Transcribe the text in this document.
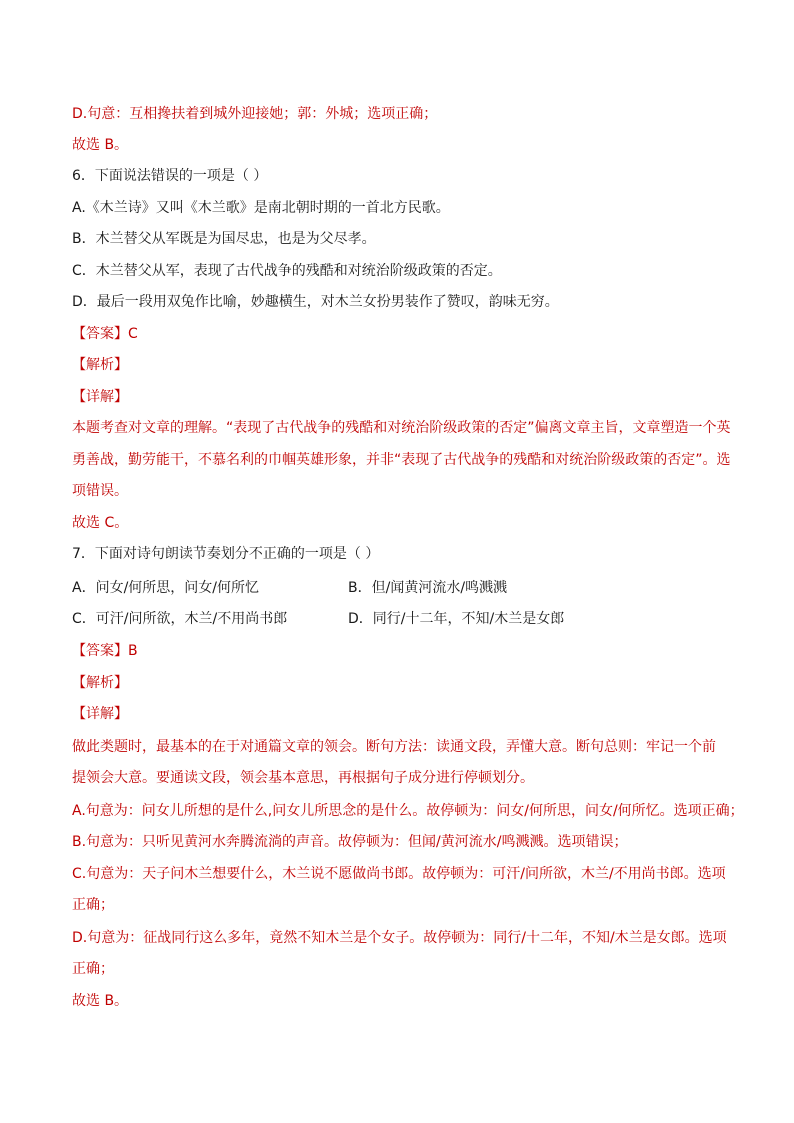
D.句意：互相搀扶着到城外迎接她；郭：外城；选项正确；
故选 B。
6．下面说法错误的一项是（ ）
A.《木兰诗》又叫《木兰歌》是南北朝时期的一首北方民歌。
B．木兰替父从军既是为国尽忠，也是为父尽孝。
C．木兰替父从军，表现了古代战争的残酷和对统治阶级政策的否定。
D．最后一段用双兔作比喻，妙趣横生，对木兰女扮男装作了赞叹，韵味无穷。
【答案】C
【解析】
【详解】
本题考查对文章的理解。“表现了古代战争的残酷和对统治阶级政策的否定”偏离文章主旨，文章塑造一个英
勇善战，勤劳能干，不慕名利的巾帼英雄形象，并非“表现了古代战争的残酷和对统治阶级政策的否定”。选
项错误。
故选 C。
7．下面对诗句朗读节奏划分不正确的一项是（ ）
A．问女/何所思，问女/何所忆	B．但/闻黄河流水/鸣溅溅
C．可汗/问所欲，木兰/不用尚书郎	D．同行/十二年，不知/木兰是女郎
【答案】B
【解析】
【详解】
做此类题时，最基本的在于对通篇文章的领会。断句方法：读通文段，弄懂大意。断句总则：牢记一个前
提领会大意。要通读文段，领会基本意思，再根据句子成分进行停顿划分。
A.句意为：问女儿所想的是什么,问女儿所思念的是什么。故停顿为：问女/何所思，问女/何所忆。选项正确；
B.句意为：只听见黄河水奔腾流淌的声音。故停顿为：但闻/黄河流水/鸣溅溅。选项错误；
C.句意为：天子问木兰想要什么，木兰说不愿做尚书郎。故停顿为：可汗/问所欲，木兰/不用尚书郎。选项
正确；
D.句意为：征战同行这么多年，竟然不知木兰是个女子。故停顿为：同行/十二年，不知/木兰是女郎。选项
正确；
故选 B。
